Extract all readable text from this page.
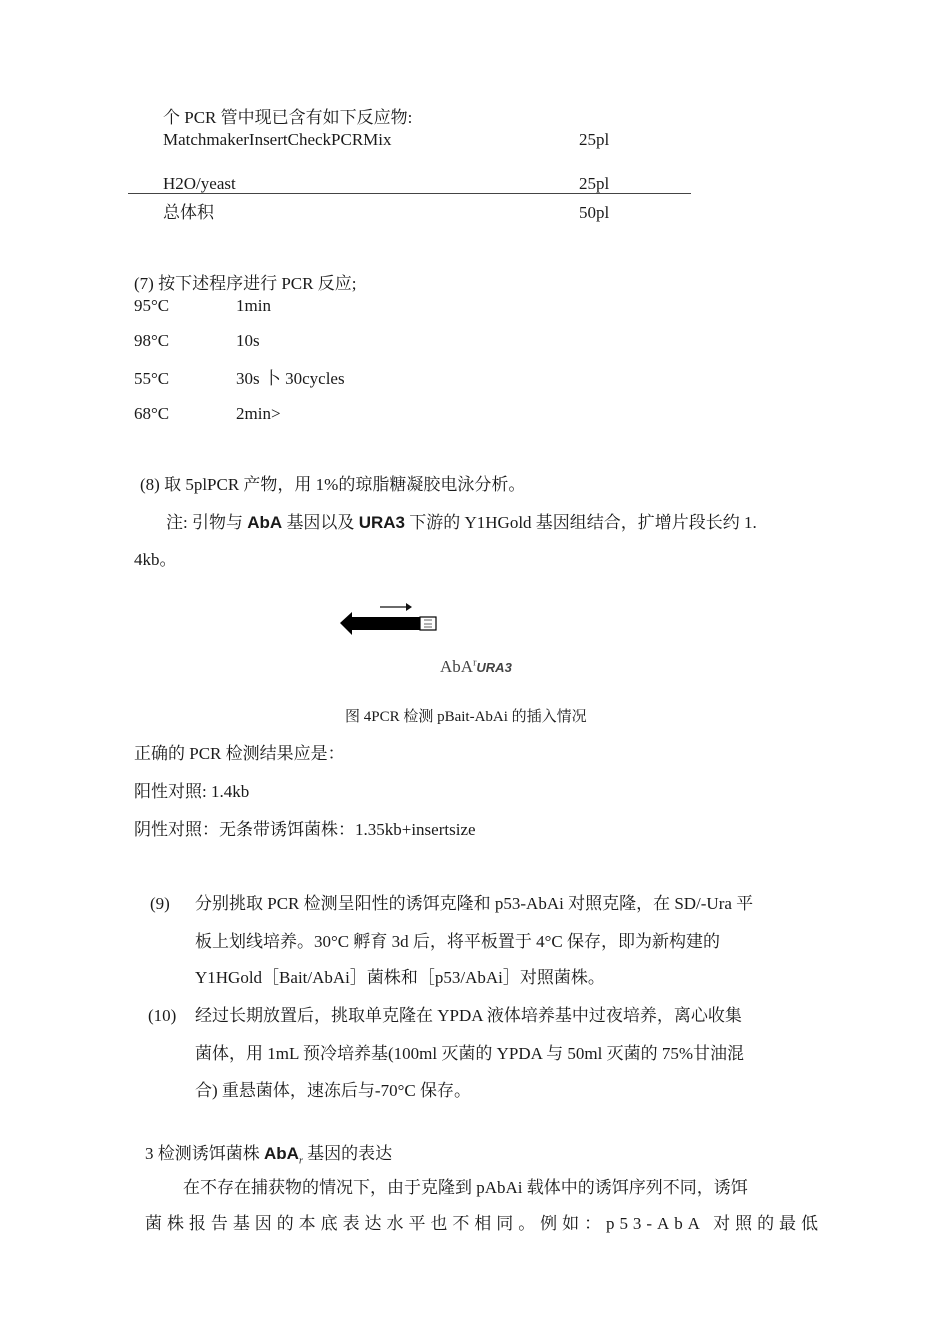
个 PCR 管中现已含有如下反应物:
MatchmakerInsertCheckPCRMix	25pl
H2O/yeast	25pl
总体积	50pl
(7) 按下述程序进行 PCR 反应;
95°C	1min
98°C	10s
55°C	30s 卜 30cycles
68°C	2min>
(8) 取 5plPCR 产物，用 1%的琼脂糖凝胶电泳分析。
注: 引物与 AbA 基因以及 URA3 下游的 Y1HGold 基因组结合，扩增片段长约 1.
4kb。
AbA$^r$URA3
图 4PCR 检测 pBait-AbAi 的插入情况
正确的 PCR 检测结果应是：
阳性对照: 1.4kb
阴性对照：无条带诱饵菌株：1.35kb+insertsize
(9) 分别挑取 PCR 检测呈阳性的诱饵克隆和 p53-AbAi 对照克隆，在 SD/-Ura 平
板上划线培养。30°C 孵育 3d 后，将平板置于 4°C 保存，即为新构建的
Y1HGold［Bait/AbAi］菌株和［p53/AbAi］对照菌株。
(10) 经过长期放置后，挑取单克隆在 YPDA 液体培养基中过夜培养，离心收集
菌体，用 1mL 预冷培养基(100ml 灭菌的 YPDA 与 50ml 灭菌的 75%甘油混
合) 重悬菌体，速冻后与-70°C 保存。
3 检测诱饵菌株 AbA$_r$ 基因的表达
在不存在捕获物的情况下，由于克隆到 pAbAi 载体中的诱饵序列不同，诱饵
菌株报告基因的本底表达水平也不相同。例如：p53-AbA 对照的最低
